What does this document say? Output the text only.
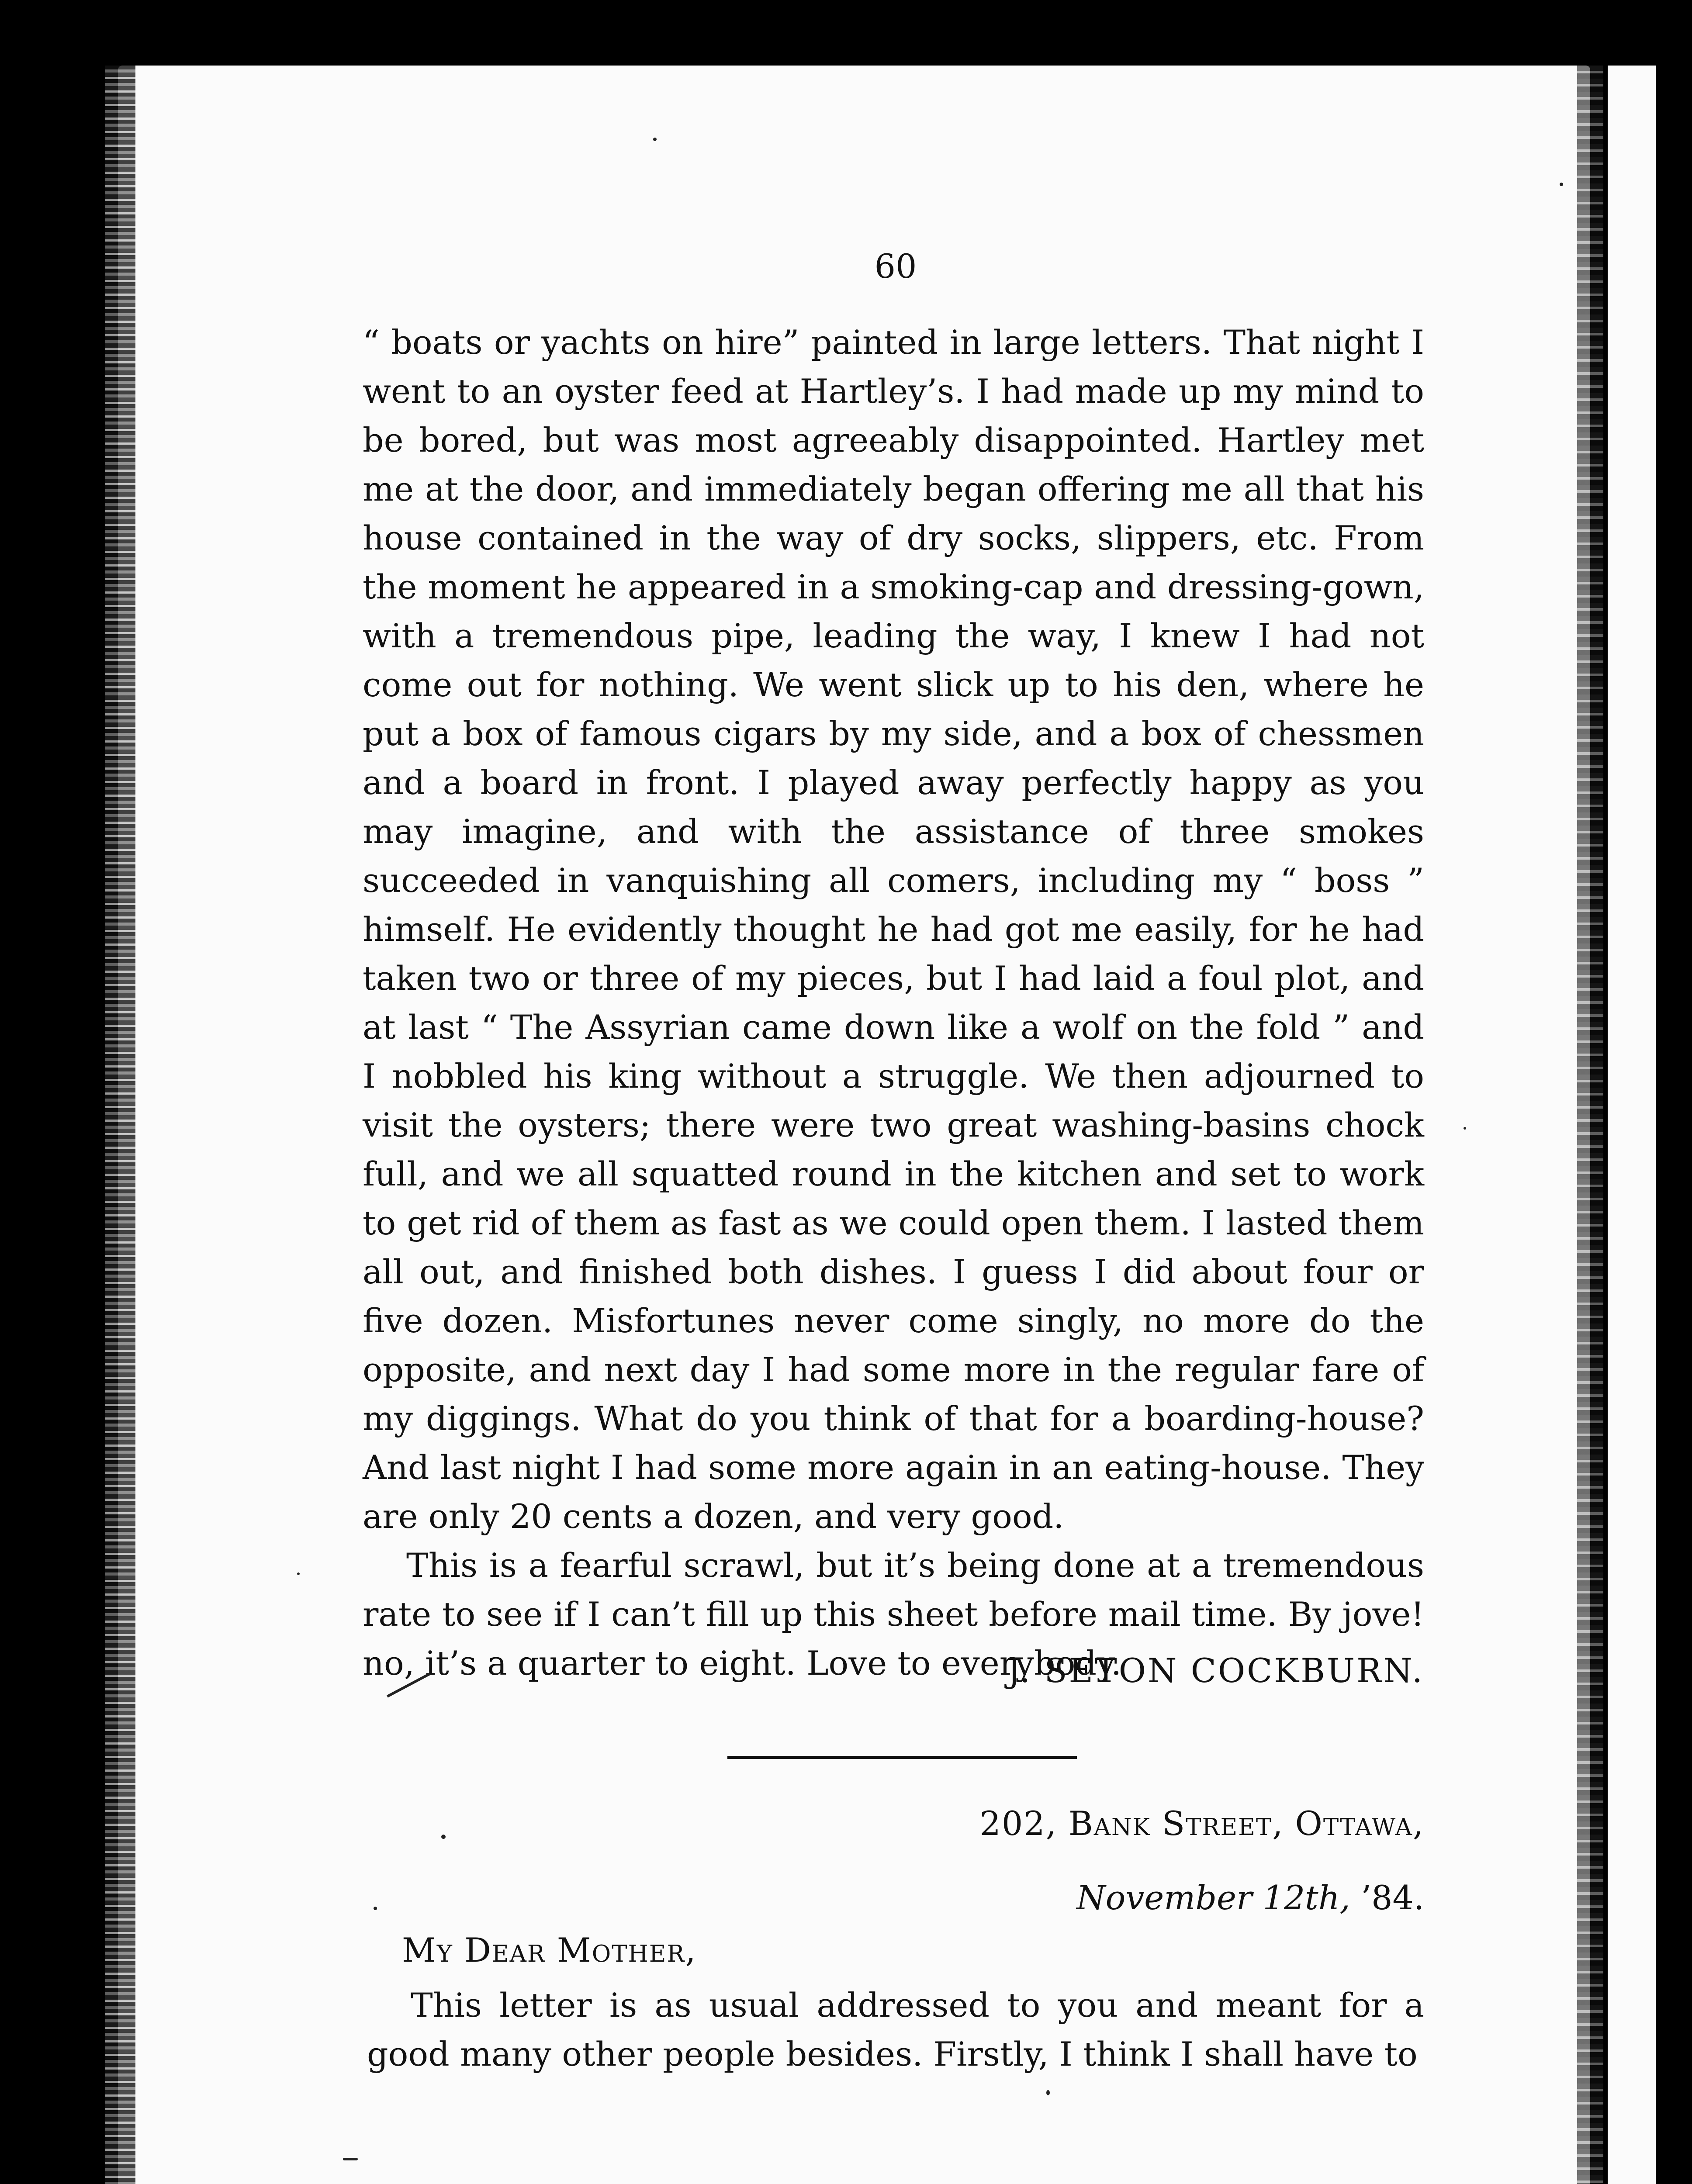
60

“ boats or yachts on hire” painted in large letters. That night I went to an oyster feed at Hartley’s. I had made up my mind to be bored, but was most agreeably disappointed. Hartley met me at the door, and immediately began offering me all that his house contained in the way of dry socks, slippers, etc. From the moment he appeared in a smoking-cap and dressing-gown, with a tremendous pipe, leading the way, I knew I had not come out for nothing. We went slick up to his den, where he put a box of famous cigars by my side, and a box of chessmen and a board in front. I played away perfectly happy as you may imagine, and with the assistance of three smokes succeeded in vanquishing all comers, including my “ boss ” himself. He evidently thought he had got me easily, for he had taken two or three of my pieces, but I had laid a foul plot, and at last “ The Assyrian came down like a wolf on the fold ” and I nobbled his king without a struggle. We then adjourned to visit the oysters; there were two great washing-basins chock full, and we all squatted round in the kitchen and set to work to get rid of them as fast as we could open them. I lasted them all out, and finished both dishes. I guess I did about four or five dozen. Misfortunes never come singly, no more do the opposite, and next day I had some more in the regular fare of my diggings. What do you think of that for a boarding-house? And last night I had some more again in an eating-house. They are only 20 cents a dozen, and very good.

This is a fearful scrawl, but it’s being done at a tremendous rate to see if I can’t fill up this sheet before mail time. By jove! no, it’s a quarter to eight. Love to everybody.

J. SETON COCKBURN.
202, Bank Street, Ottawa,
November 12th, ’84.
My Dear Mother,

This letter is as usual addressed to you and meant for a good many other people besides. Firstly, I think I shall have to
